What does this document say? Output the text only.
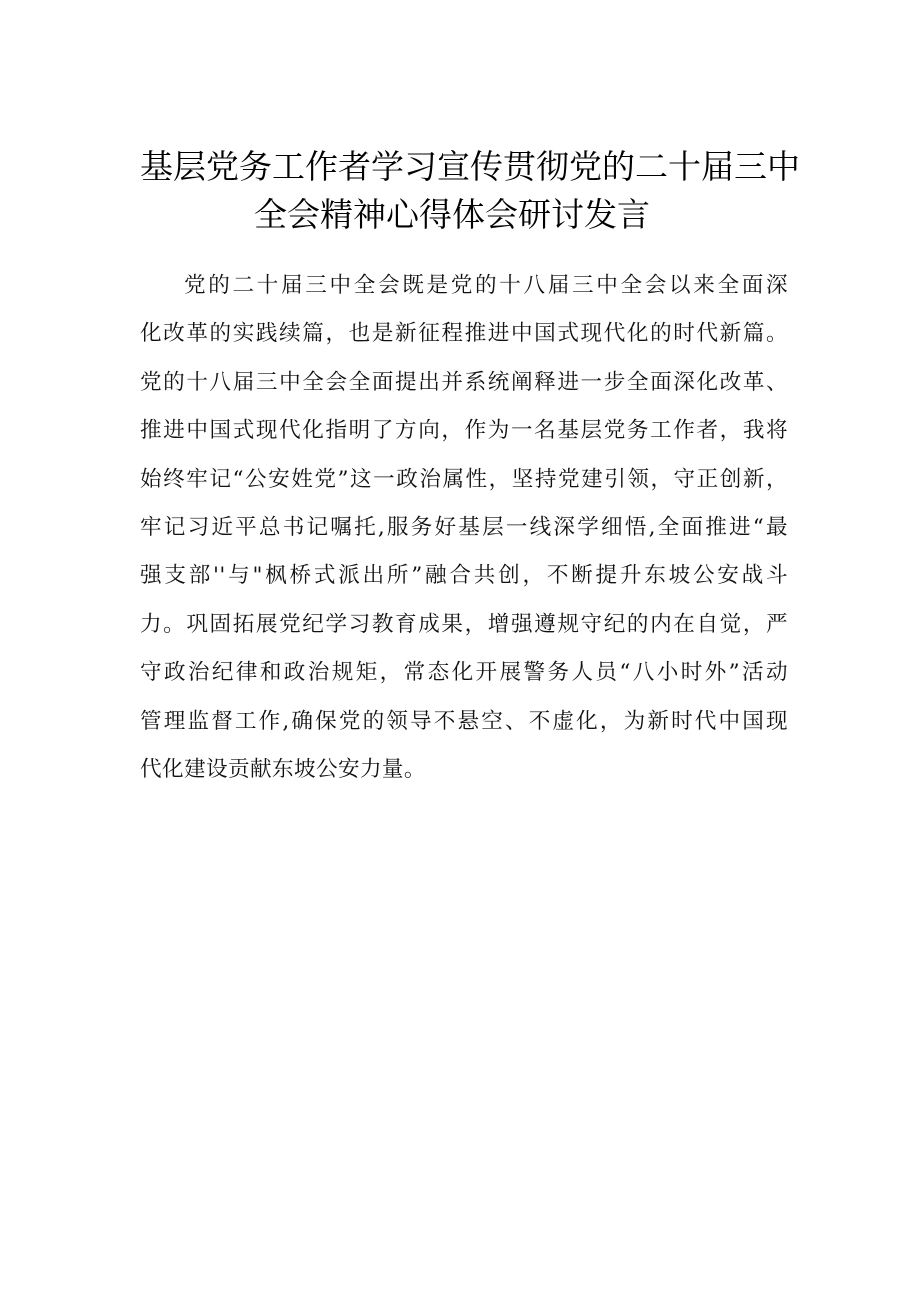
基层党务工作者学习宣传贯彻党的二十届三中
全会精神心得体会研讨发言
党的二十届三中全会既是党的十八届三中全会以来全面深
化改革的实践续篇，也是新征程推进中国式现代化的时代新篇。
党的十八届三中全会全面提出并系统阐释进一步全面深化改革、
推进中国式现代化指明了方向，作为一名基层党务工作者，我将
始终牢记“公安姓党”这一政治属性，坚持党建引领，守正创新，
牢记习近平总书记嘱托,服务好基层一线深学细悟,全面推进“最
强支部''与"枫桥式派出所”融合共创，不断提升东坡公安战斗
力。巩固拓展党纪学习教育成果，增强遵规守纪的内在自觉，严
守政治纪律和政治规矩，常态化开展警务人员“八小时外”活动
管理监督工作,确保党的领导不悬空、不虚化，为新时代中国现
代化建设贡献东坡公安力量。
